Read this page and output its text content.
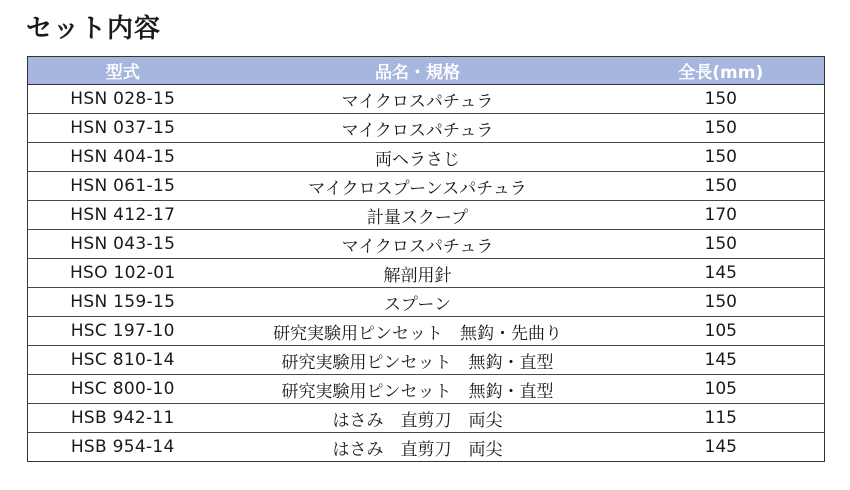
セット内容
型式	品名・規格	全長(mm)
HSN 028-15	マイクロスパチュラ	150
HSN 037-15	マイクロスパチュラ	150
HSN 404-15	両ヘラさじ	150
HSN 061-15	マイクロスプーンスパチュラ	150
HSN 412-17	計量スクープ	170
HSN 043-15	マイクロスパチュラ	150
HSO 102-01	解剖用針	145
HSN 159-15	スプーン	150
HSC 197-10	研究実験用ピンセット　無鈎・先曲り	105
HSC 810-14	研究実験用ピンセット　無鈎・直型	145
HSC 800-10	研究実験用ピンセット　無鈎・直型	105
HSB 942-11	はさみ　直剪刀　両尖	115
HSB 954-14	はさみ　直剪刀　両尖	145
